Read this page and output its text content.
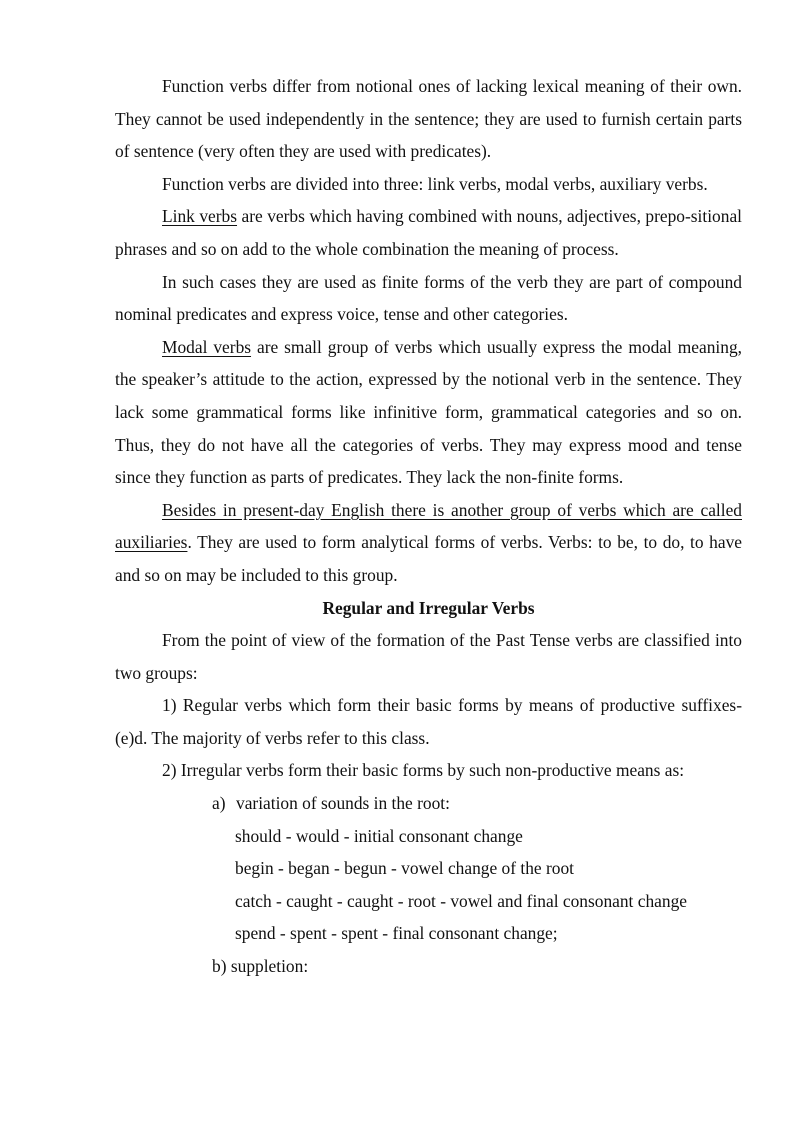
Function verbs differ from notional ones of lacking lexical meaning of their own. They cannot be used independently in the sentence; they are used to furnish certain parts of sentence (very often they are used with predicates).

Function verbs are divided into three: link verbs, modal verbs, auxiliary verbs.

Link verbs are verbs which having combined with nouns, adjectives, prepo-sitional phrases and so on add to the whole combination the meaning of process.

In such cases they are used as finite forms of the verb they are part of compound nominal predicates and express voice, tense and other categories.

Modal verbs are small group of verbs which usually express the modal meaning, the speaker’s attitude to the action, expressed by the notional verb in the sentence. They lack some grammatical forms like infinitive form, grammatical categories and so on. Thus, they do not have all the categories of verbs. They may express mood and tense since they function as parts of predicates. They lack the non-finite forms.

Besides in present-day English there is another group of verbs which are called auxiliaries. They are used to form analytical forms of verbs. Verbs: to be, to do, to have and so on may be included to this group.

Regular and Irregular Verbs

From the point of view of the formation of the Past Tense verbs are classified into two groups:

1) Regular verbs which form their basic forms by means of productive suffixes-(e)d. The majority of verbs refer to this class.

2) Irregular verbs form their basic forms by such non-productive means as:

a) variation of sounds in the root:
should - would - initial consonant change
begin - began - begun - vowel change of the root
catch - caught - caught - root - vowel and final consonant change
spend - spent - spent - final consonant change;
b) suppletion:
